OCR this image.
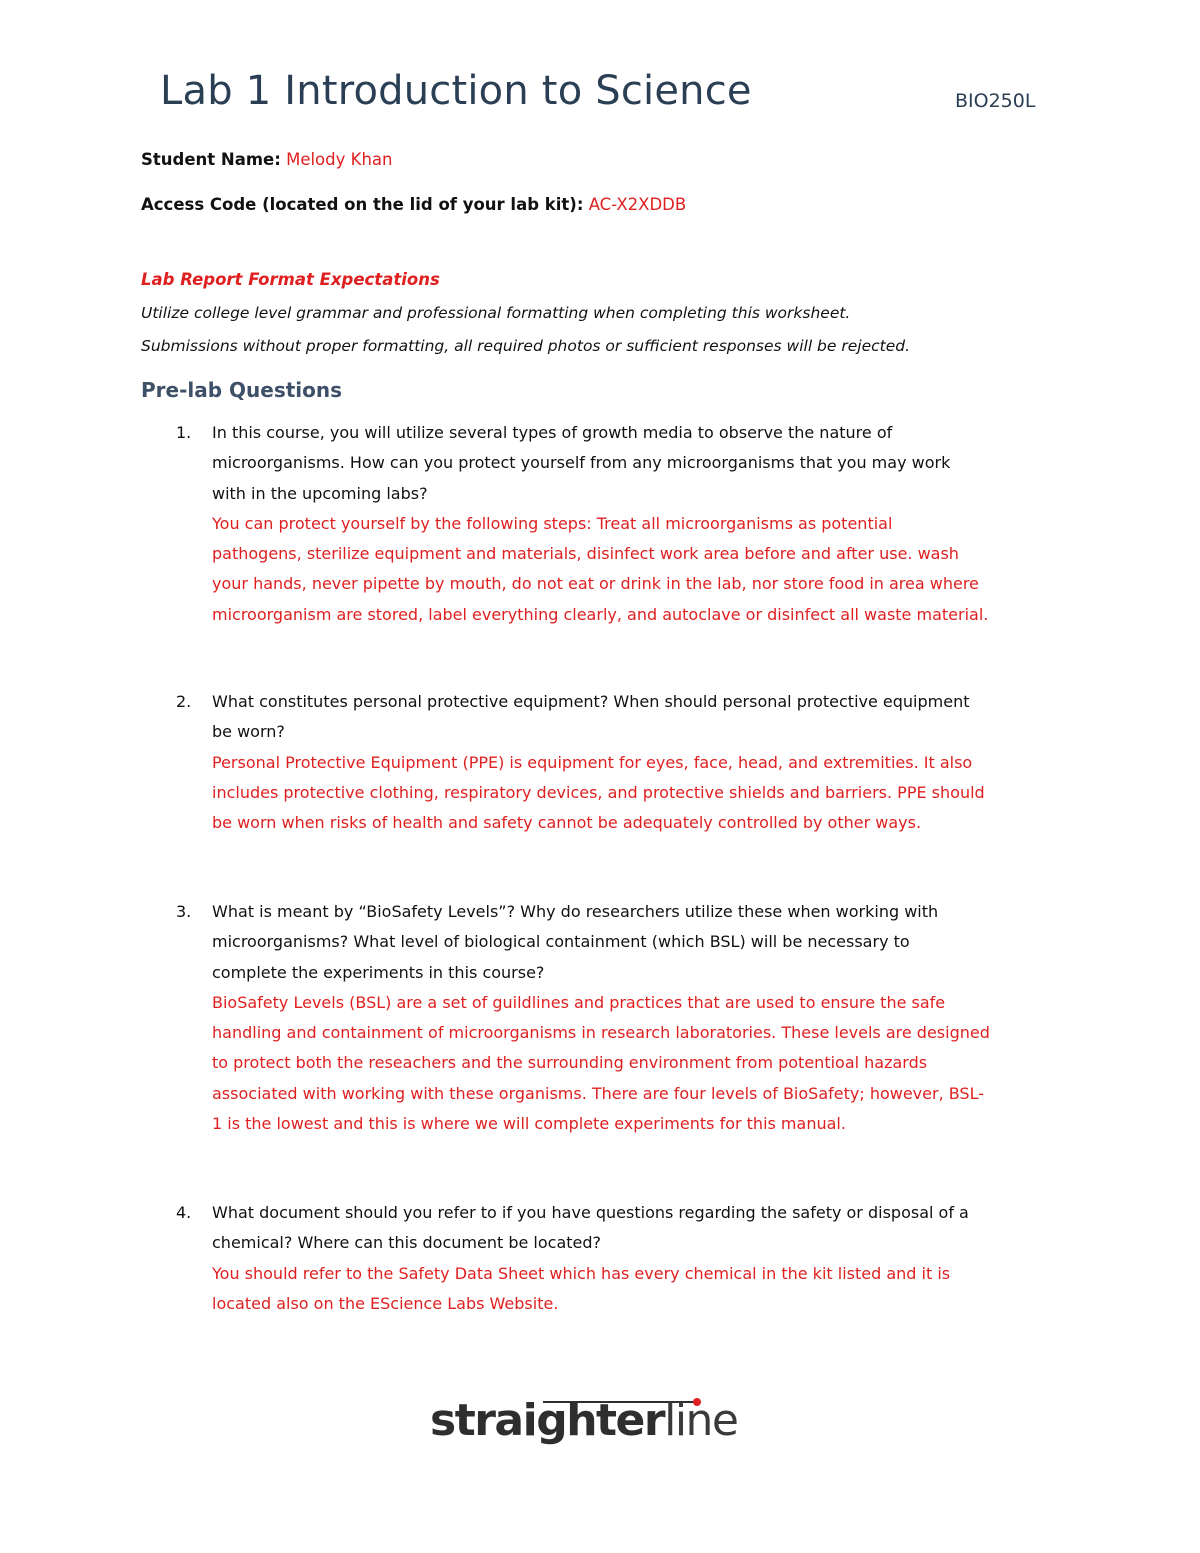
Lab 1 Introduction to Science	BIO250L
Student Name: Melody Khan
Access Code (located on the lid of your lab kit): AC-X2XDDB
Lab Report Format Expectations
Utilize college level grammar and professional formatting when completing this worksheet.
Submissions without proper formatting, all required photos or sufficient responses will be rejected.
Pre-lab Questions
1. In this course, you will utilize several types of growth media to observe the nature of
microorganisms. How can you protect yourself from any microorganisms that you may work
with in the upcoming labs?
You can protect yourself by the following steps: Treat all microorganisms as potential
pathogens, sterilize equipment and materials, disinfect work area before and after use. wash
your hands, never pipette by mouth, do not eat or drink in the lab, nor store food in area where
microorganism are stored, label everything clearly, and autoclave or disinfect all waste material.
2. What constitutes personal protective equipment? When should personal protective equipment
be worn?
Personal Protective Equipment (PPE) is equipment for eyes, face, head, and extremities. It also
includes protective clothing, respiratory devices, and protective shields and barriers. PPE should
be worn when risks of health and safety cannot be adequately controlled by other ways.
3. What is meant by “BioSafety Levels”? Why do researchers utilize these when working with
microorganisms? What level of biological containment (which BSL) will be necessary to
complete the experiments in this course?
BioSafety Levels (BSL) are a set of guildlines and practices that are used to ensure the safe
handling and containment of microorganisms in research laboratories. These levels are designed
to protect both the reseachers and the surrounding environment from potentioal hazards
associated with working with these organisms. There are four levels of BioSafety; however, BSL-
1 is the lowest and this is where we will complete experiments for this manual.
4. What document should you refer to if you have questions regarding the safety or disposal of a
chemical? Where can this document be located?
You should refer to the Safety Data Sheet which has every chemical in the kit listed and it is
located also on the EScience Labs Website.
straighterline
